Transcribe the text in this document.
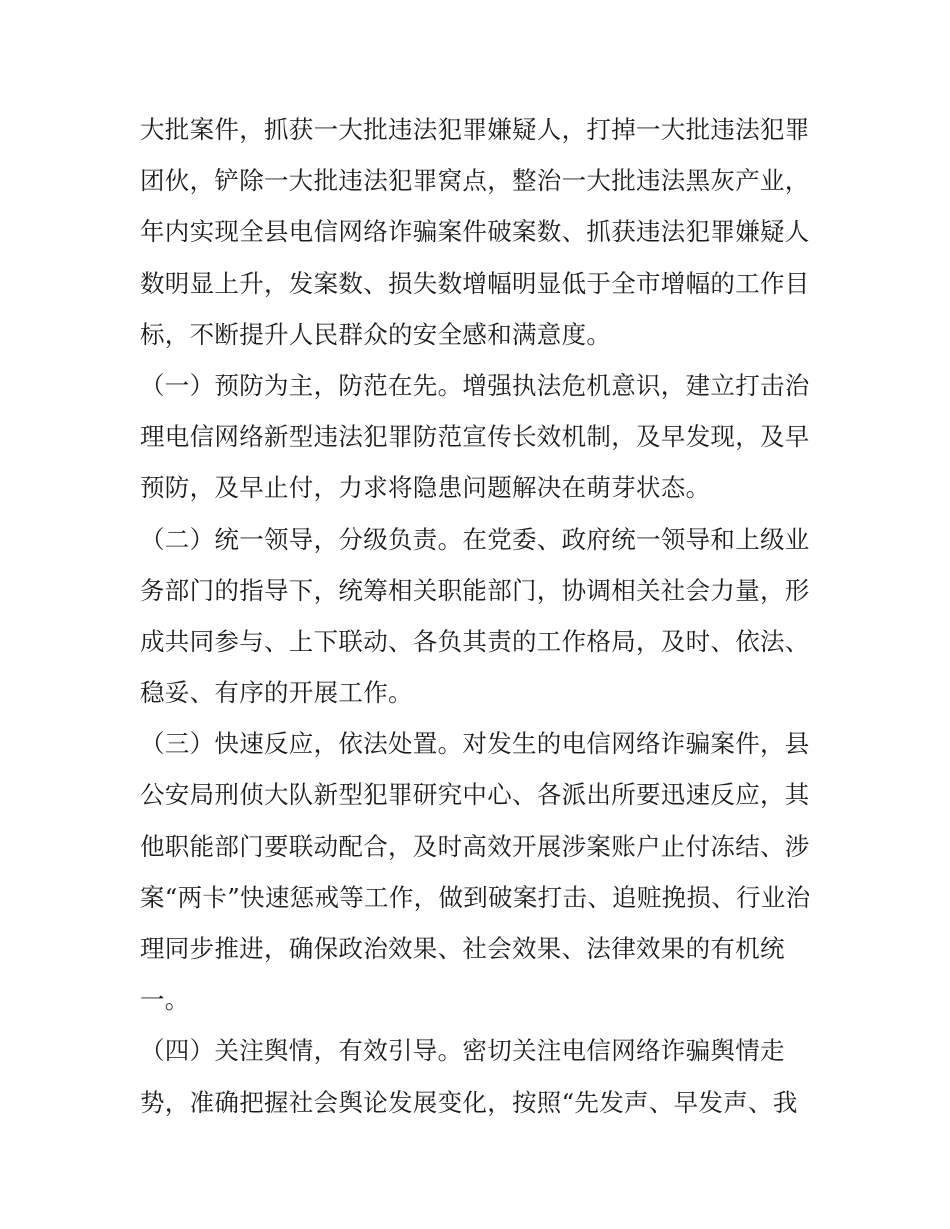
大批案件，抓获一大批违法犯罪嫌疑人，打掉一大批违法犯罪
团伙，铲除一大批违法犯罪窝点，整治一大批违法黑灰产业，
年内实现全县电信网络诈骗案件破案数、抓获违法犯罪嫌疑人
数明显上升，发案数、损失数增幅明显低于全市增幅的工作目
标，不断提升人民群众的安全感和满意度。
（一）预防为主，防范在先。增强执法危机意识，建立打击治
理电信网络新型违法犯罪防范宣传长效机制，及早发现，及早
预防，及早止付，力求将隐患问题解决在萌芽状态。
（二）统一领导，分级负责。在党委、政府统一领导和上级业
务部门的指导下，统筹相关职能部门，协调相关社会力量，形
成共同参与、上下联动、各负其责的工作格局，及时、依法、
稳妥、有序的开展工作。
（三）快速反应，依法处置。对发生的电信网络诈骗案件，县
公安局刑侦大队新型犯罪研究中心、各派出所要迅速反应，其
他职能部门要联动配合，及时高效开展涉案账户止付冻结、涉
案“两卡”快速惩戒等工作，做到破案打击、追赃挽损、行业治
理同步推进，确保政治效果、社会效果、法律效果的有机统
一。
（四）关注舆情，有效引导。密切关注电信网络诈骗舆情走
势，准确把握社会舆论发展变化，按照“先发声、早发声、我
